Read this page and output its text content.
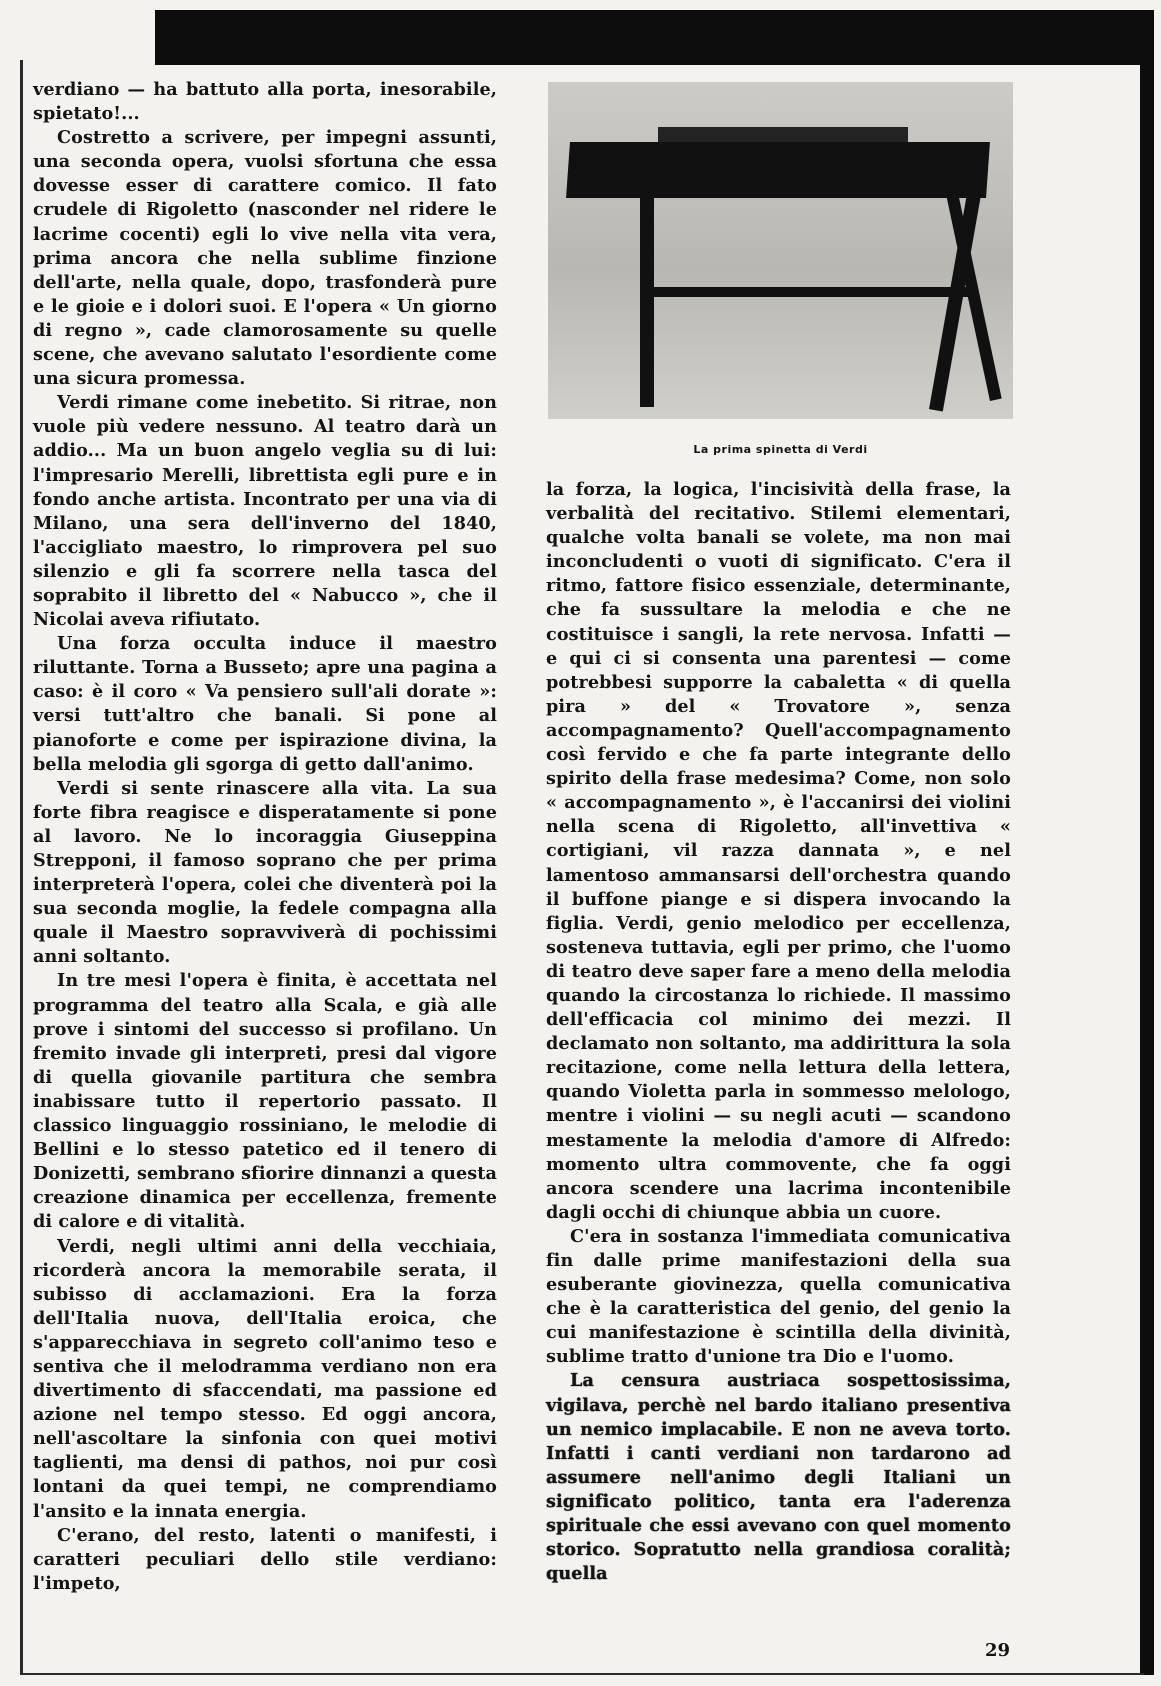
verdiano — ha battuto alla porta, inesorabile, spietato!...

Costretto a scrivere, per impegni assunti, una seconda opera, vuolsi sfortuna che essa dovesse esser di carattere comico. Il fato crudele di Rigoletto (nasconder nel ridere le lacrime cocenti) egli lo vive nella vita vera, prima ancora che nella sublime finzione dell'arte, nella quale, dopo, trasfonderà pure e le gioie e i dolori suoi. E l'opera « Un giorno di regno », cade clamorosamente su quelle scene, che avevano salutato l'esordiente come una sicura promessa.

Verdi rimane come inebetito. Si ritrae, non vuole più vedere nessuno. Al teatro darà un addio... Ma un buon angelo veglia su di lui: l'impresario Merelli, librettista egli pure e in fondo anche artista. Incontrato per una via di Milano, una sera dell'inverno del 1840, l'accigliato maestro, lo rimprovera pel suo silenzio e gli fa scorrere nella tasca del soprabito il libretto del « Nabucco », che il Nicolai aveva rifiutato.

Una forza occulta induce il maestro riluttante. Torna a Busseto; apre una pagina a caso: è il coro « Va pensiero sull'ali dorate »: versi tutt'altro che banali. Si pone al pianoforte e come per ispirazione divina, la bella melodia gli sgorga di getto dall'animo.

Verdi si sente rinascere alla vita. La sua forte fibra reagisce e disperatamente si pone al lavoro. Ne lo incoraggia Giuseppina Strepponi, il famoso soprano che per prima interpreterà l'opera, colei che diventerà poi la sua seconda moglie, la fedele compagna alla quale il Maestro sopravviverà di pochissimi anni soltanto.

In tre mesi l'opera è finita, è accettata nel programma del teatro alla Scala, e già alle prove i sintomi del successo si profilano. Un fremito invade gli interpreti, presi dal vigore di quella giovanile partitura che sembra inabissare tutto il repertorio passato. Il classico linguaggio rossiniano, le melodie di Bellini e lo stesso patetico ed il tenero di Donizetti, sembrano sfiorire dinnanzi a questa creazione dinamica per eccellenza, fremente di calore e di vitalità.

Verdi, negli ultimi anni della vecchiaia, ricorderà ancora la memorabile serata, il subisso di acclamazioni. Era la forza dell'Italia nuova, dell'Italia eroica, che s'apparecchiava in segreto coll'animo teso e sentiva che il melodramma verdiano non era divertimento di sfaccendati, ma passione ed azione nel tempo stesso. Ed oggi ancora, nell'ascoltare la sinfonia con quei motivi taglienti, ma densi di pathos, noi pur così lontani da quei tempi, ne comprendiamo l'ansito e la innata energia.

C'erano, del resto, latenti o manifesti, i caratteri peculiari dello stile verdiano: l'impeto,

La prima spinetta di Verdi

la forza, la logica, l'incisività della frase, la verbalità del recitativo. Stilemi elementari, qualche volta banali se volete, ma non mai inconcludenti o vuoti di significato. C'era il ritmo, fattore fisico essenziale, determinante, che fa sussultare la melodia e che ne costituisce i sangli, la rete nervosa. Infatti — e qui ci si consenta una parentesi — come potrebbesi supporre la cabaletta « di quella pira » del « Trovatore », senza accompagnamento? Quell'accompagnamento così fervido e che fa parte integrante dello spirito della frase medesima? Come, non solo « accompagnamento », è l'accanirsi dei violini nella scena di Rigoletto, all'invettiva « cortigiani, vil razza dannata », e nel lamentoso ammansarsi dell'orchestra quando il buffone piange e si dispera invocando la figlia. Verdi, genio melodico per eccellenza, sosteneva tuttavia, egli per primo, che l'uomo di teatro deve saper fare a meno della melodia quando la circostanza lo richiede. Il massimo dell'efficacia col minimo dei mezzi. Il declamato non soltanto, ma addirittura la sola recitazione, come nella lettura della lettera, quando Violetta parla in sommesso melologo, mentre i violini — su negli acuti — scandono mestamente la melodia d'amore di Alfredo: momento ultra commovente, che fa oggi ancora scendere una lacrima incontenibile dagli occhi di chiunque abbia un cuore.

C'era in sostanza l'immediata comunicativa fin dalle prime manifestazioni della sua esuberante giovinezza, quella comunicativa che è la caratteristica del genio, del genio la cui manifestazione è scintilla della divinità, sublime tratto d'unione tra Dio e l'uomo.

La censura austriaca sospettosissima, vigilava, perchè nel bardo italiano presentiva un nemico implacabile. E non ne aveva torto. Infatti i canti verdiani non tardarono ad assumere nell'animo degli Italiani un significato politico, tanta era l'aderenza spirituale che essi avevano con quel momento storico. Sopratutto nella grandiosa coralità; quella

29
